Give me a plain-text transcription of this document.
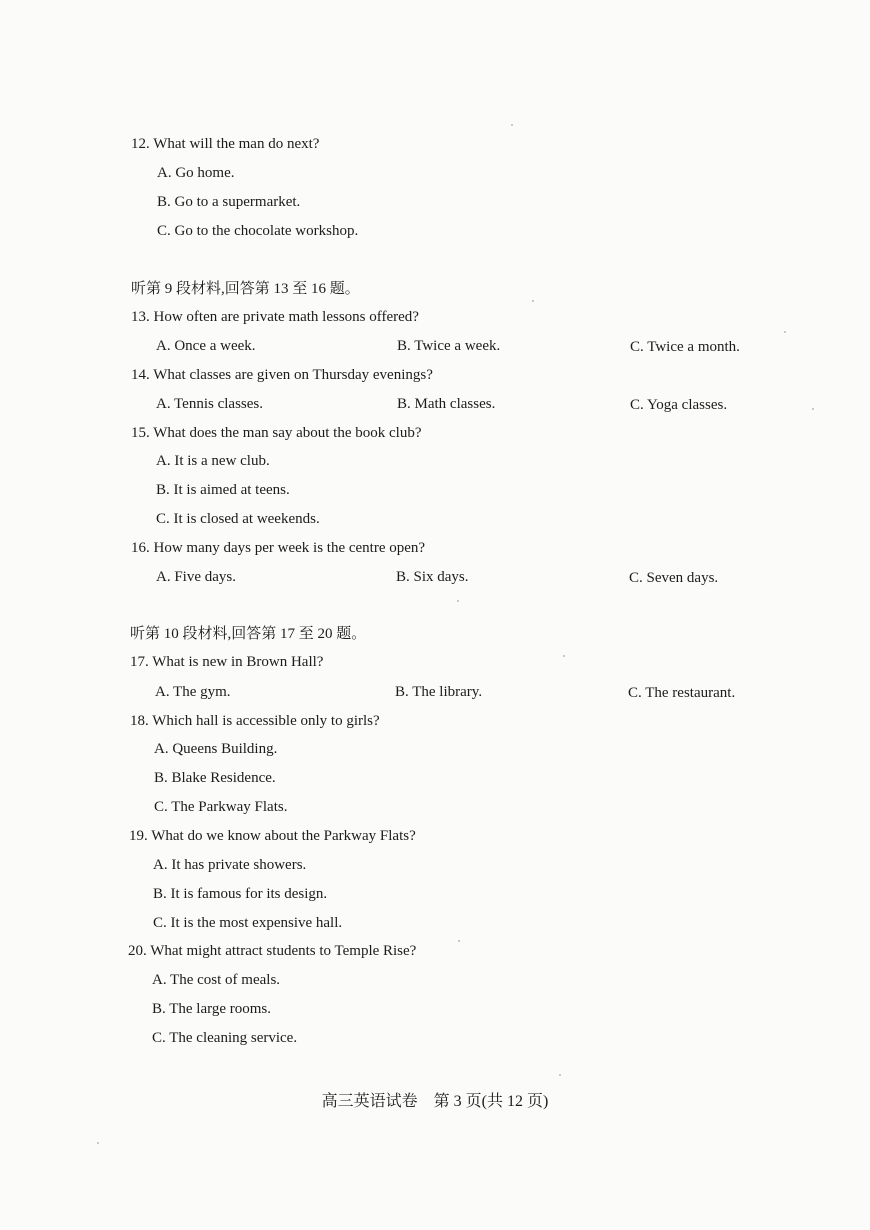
12. What will the man do next?
A. Go home.
B. Go to a supermarket.
C. Go to the chocolate workshop.
听第 9 段材料,回答第 13 至 16 题。
13. How often are private math lessons offered?
A. Once a week.	B. Twice a week.	C. Twice a month.
14. What classes are given on Thursday evenings?
A. Tennis classes.	B. Math classes.	C. Yoga classes.
15. What does the man say about the book club?
A. It is a new club.
B. It is aimed at teens.
C. It is closed at weekends.
16. How many days per week is the centre open?
A. Five days.	B. Six days.	C. Seven days.
听第 10 段材料,回答第 17 至 20 题。
17. What is new in Brown Hall?
A. The gym.	B. The library.	C. The restaurant.
18. Which hall is accessible only to girls?
A. Queens Building.
B. Blake Residence.
C. The Parkway Flats.
19. What do we know about the Parkway Flats?
A. It has private showers.
B. It is famous for its design.
C. It is the most expensive hall.
20. What might attract students to Temple Rise?
A. The cost of meals.
B. The large rooms.
C. The cleaning service.
高三英语试卷　第 3 页(共 12 页)
